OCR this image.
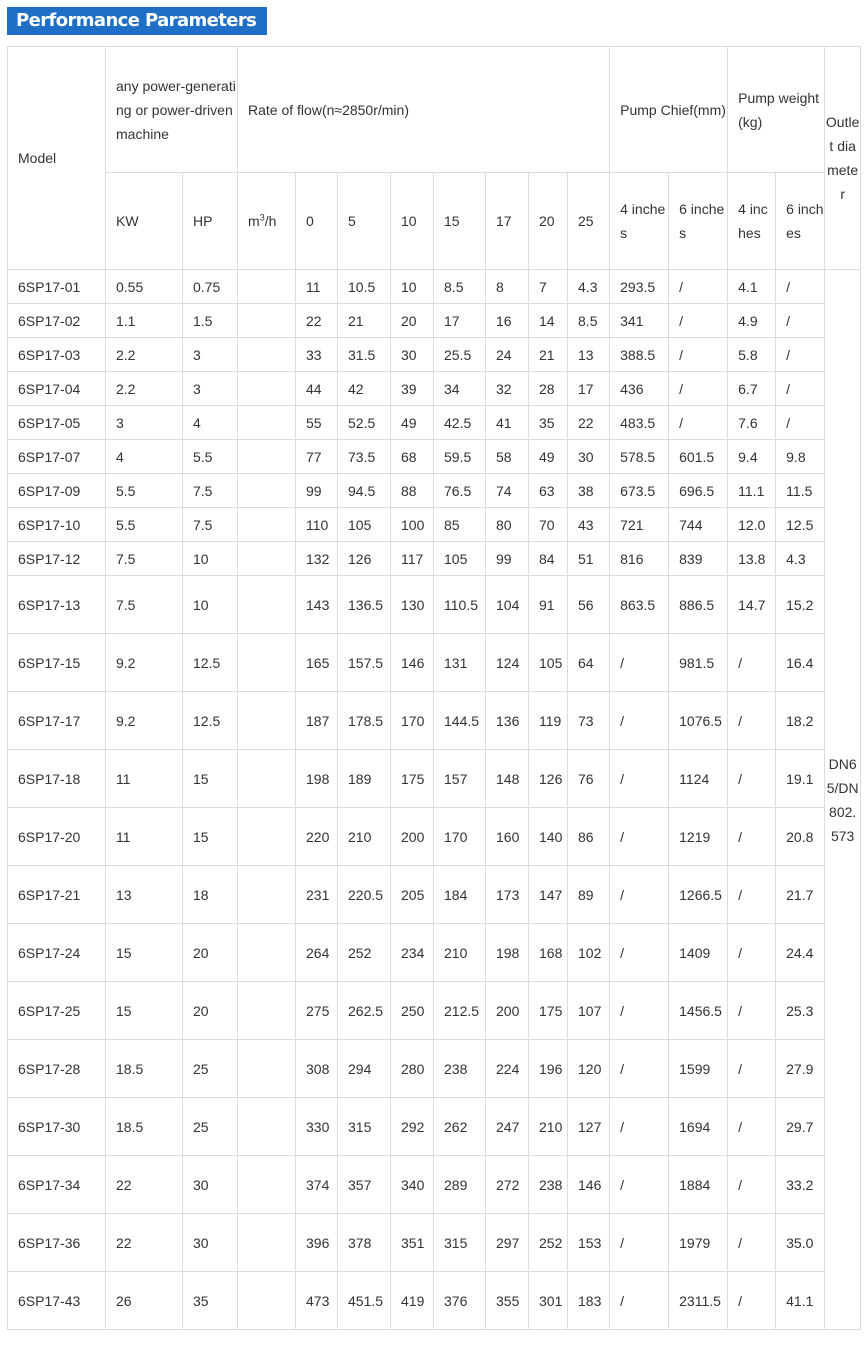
Performance Parameters
Model	any power-generating or power-driven machine		Rate of flow(n≈2850r/min)								Pump Chief(mm)		Pump weight(kg)		Outlet diameter
	KW	HP	$m^3/h$	0	5	10	15	17	20	25	4 inches	6 inches	4 inches	6 inches	
6SP17-01	0.55	0.75		11	10.5	10	8.5	8	7	4.3	293.5	/	4.1	/	DN65/DN802.573
6SP17-02	1.1	1.5		22	21	20	17	16	14	8.5	341	/	4.9	/	
6SP17-03	2.2	3		33	31.5	30	25.5	24	21	13	388.5	/	5.8	/	
6SP17-04	2.2	3		44	42	39	34	32	28	17	436	/	6.7	/	
6SP17-05	3	4		55	52.5	49	42.5	41	35	22	483.5	/	7.6	/	
6SP17-07	4	5.5		77	73.5	68	59.5	58	49	30	578.5	601.5	9.4	9.8	
6SP17-09	5.5	7.5		99	94.5	88	76.5	74	63	38	673.5	696.5	11.1	11.5	
6SP17-10	5.5	7.5		110	105	100	85	80	70	43	721	744	12.0	12.5	
6SP17-12	7.5	10		132	126	117	105	99	84	51	816	839	13.8	4.3	
6SP17-13	7.5	10		143	136.5	130	110.5	104	91	56	863.5	886.5	14.7	15.2	
6SP17-15	9.2	12.5		165	157.5	146	131	124	105	64	/	981.5	/	16.4	
6SP17-17	9.2	12.5		187	178.5	170	144.5	136	119	73	/	1076.5	/	18.2	
6SP17-18	11	15		198	189	175	157	148	126	76	/	1124	/	19.1	
6SP17-20	11	15		220	210	200	170	160	140	86	/	1219	/	20.8	
6SP17-21	13	18		231	220.5	205	184	173	147	89	/	1266.5	/	21.7	
6SP17-24	15	20		264	252	234	210	198	168	102	/	1409	/	24.4	
6SP17-25	15	20		275	262.5	250	212.5	200	175	107	/	1456.5	/	25.3	
6SP17-28	18.5	25		308	294	280	238	224	196	120	/	1599	/	27.9	
6SP17-30	18.5	25		330	315	292	262	247	210	127	/	1694	/	29.7	
6SP17-34	22	30		374	357	340	289	272	238	146	/	1884	/	33.2	
6SP17-36	22	30		396	378	351	315	297	252	153	/	1979	/	35.0	
6SP17-43	26	35		473	451.5	419	376	355	301	183	/	2311.5	/	41.1	
